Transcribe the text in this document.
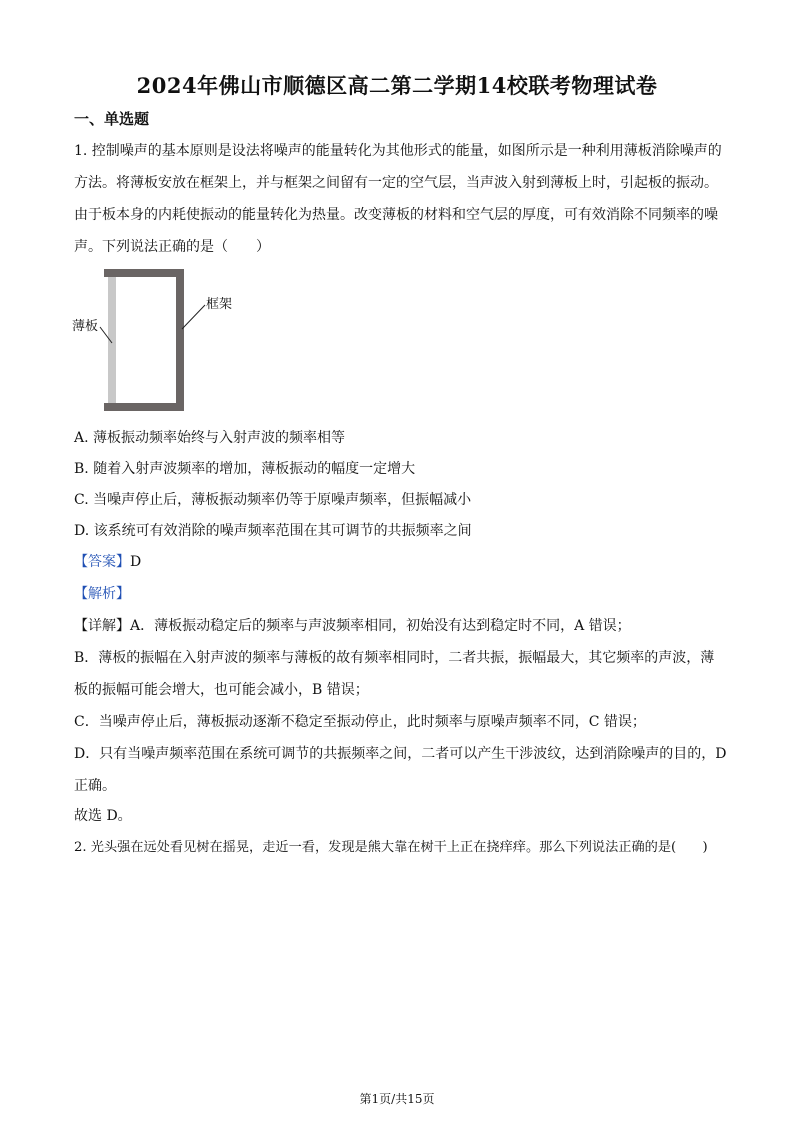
2024年佛山市顺德区高二第二学期14校联考物理试卷
一、单选题
1. 控制噪声的基本原则是设法将噪声的能量转化为其他形式的能量，如图所示是一种利用薄板消除噪声的
方法。将薄板安放在框架上，并与框架之间留有一定的空气层，当声波入射到薄板上时，引起板的振动。
由于板本身的内耗使振动的能量转化为热量。改变薄板的材料和空气层的厚度，可有效消除不同频率的噪
声。下列说法正确的是（　　）
薄板
框架
A. 薄板振动频率始终与入射声波的频率相等
B. 随着入射声波频率的增加，薄板振动的幅度一定增大
C. 当噪声停止后，薄板振动频率仍等于原噪声频率，但振幅减小
D. 该系统可有效消除的噪声频率范围在其可调节的共振频率之间
【答案】D
【解析】
【详解】A．薄板振动稳定后的频率与声波频率相同，初始没有达到稳定时不同，A 错误；
B．薄板的振幅在入射声波的频率与薄板的故有频率相同时，二者共振，振幅最大，其它频率的声波，薄
板的振幅可能会增大，也可能会减小，B 错误；
C．当噪声停止后，薄板振动逐渐不稳定至振动停止，此时频率与原噪声频率不同，C 错误；
D．只有当噪声频率范围在系统可调节的共振频率之间，二者可以产生干涉波纹，达到消除噪声的目的，D
正确。
故选 D。
2. 光头强在远处看见树在摇晃，走近一看，发现是熊大靠在树干上正在挠痒痒。那么下列说法正确的是(　　)
第1页/共15页
